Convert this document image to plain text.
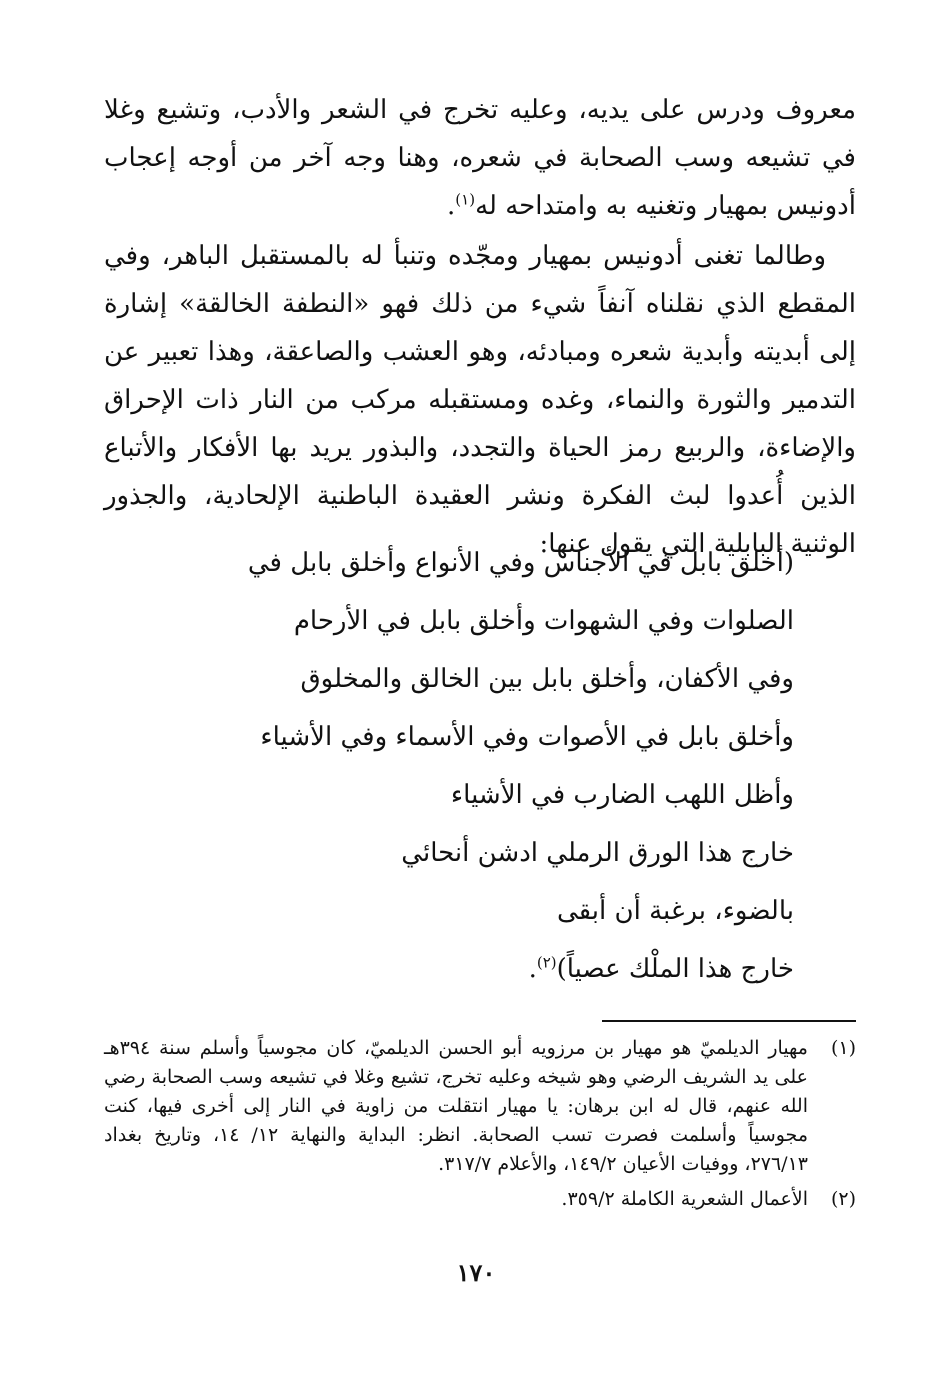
معروف ودرس على يديه، وعليه تخرج في الشعر والأدب، وتشيع وغلا في تشيعه وسب الصحابة في شعره، وهنا وجه آخر من أوجه إعجاب أدونيس بمهيار وتغنيه به وامتداحه له$^{(١)}$.

وطالما تغنى أدونيس بمهيار ومجّده وتنبأ له بالمستقبل الباهر، وفي المقطع الذي نقلناه آنفاً شيء من ذلك فهو «النطفة الخالقة» إشارة إلى أبديته وأبدية شعره ومبادئه، وهو العشب والصاعقة، وهذا تعبير عن التدمير والثورة والنماء، وغده ومستقبله مركب من النار ذات الإحراق والإضاءة، والربيع رمز الحياة والتجدد، والبذور يريد بها الأفكار والأتباع الذين أُعدوا لبث الفكرة ونشر العقيدة الباطنية الإلحادية، والجذور الوثنية البابلية التي يقول عنها:

(أخلق بابل في الأجناس وفي الأنواع وأخلق بابل في
الصلوات وفي الشهوات وأخلق بابل في الأرحام
وفي الأكفان، وأخلق بابل بين الخالق والمخلوق
وأخلق بابل في الأصوات وفي الأسماء وفي الأشياء
وأظل اللهب الضارب في الأشياء
خارج هذا الورق الرملي ادشن أنحائي
بالضوء، برغبة أن أبقى
خارج هذا الملْك عصياً)$^{(٢)}$.
(١)
مهيار الديلميّ هو مهيار بن مرزويه أبو الحسن الديلميّ، كان مجوسياً وأسلم سنة ٣٩٤هـ على يد الشريف الرضي وهو شيخه وعليه تخرج، تشيع وغلا في تشيعه وسب الصحابة رضي الله عنهم، قال له ابن برهان: يا مهيار انتقلت من زاوية في النار إلى أخرى فيها، كنت مجوسياً وأسلمت فصرت تسب الصحابة. انظر: البداية والنهاية ١٢/ ١٤، وتاريخ بغداد ٢٧٦/١٣، ووفيات الأعيان ١٤٩/٢، والأعلام ٣١٧/٧.
(٢)
الأعمال الشعرية الكاملة ٣٥٩/٢.
١٧٠
